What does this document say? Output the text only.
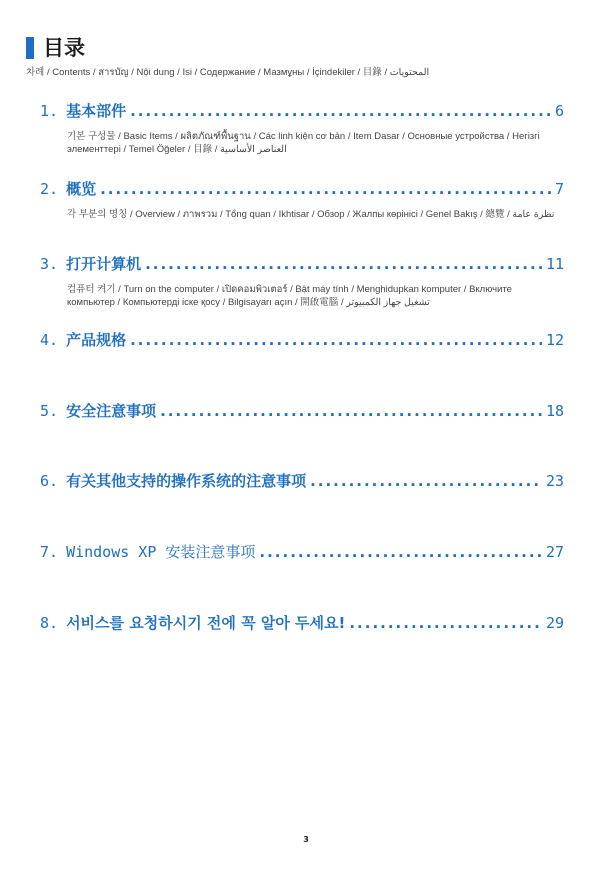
目录
차례 / Contents / สารบัญ / Nội dung / Isi / Содержание / Мазмұны / İçindekiler / 目錄 / المحتويات
1. 基本部件 .....	6
기본 구성물 / Basic Items / ผลิตภัณฑ์พื้นฐาน / Các linh kiện cơ bản / Item Dasar / Основные устройства / Негізгі элементтері / Temel Öğeler / 目錄 / العناصر الأساسية
2. 概览 .....	7
각 부분의 명칭 / Overview / ภาพรวม / Tổng quan / Ikhtisar / Обзор / Жалпы көрінісі / Genel Bakış / 總覽 / نظرة عامة
3. 打开计算机 .....	11
컴퓨터 켜기 / Turn on the computer / เปิดคอมพิวเตอร์ / Bật máy tính / Menghidupkan komputer / Включите компьютер / Компьютерді іске қосу / Bilgisayarı açın / 開啟電腦 / تشغيل جهاز الكمبيوتر
4. 产品规格 .....	12
5. 安全注意事项 .....	18
6. 有关其他支持的操作系统的注意事项 .....	23
7. Windows XP 安装注意事项 .....	27
8. 서비스를 요청하시기 전에 꼭 알아 두세요! .....	29
3
